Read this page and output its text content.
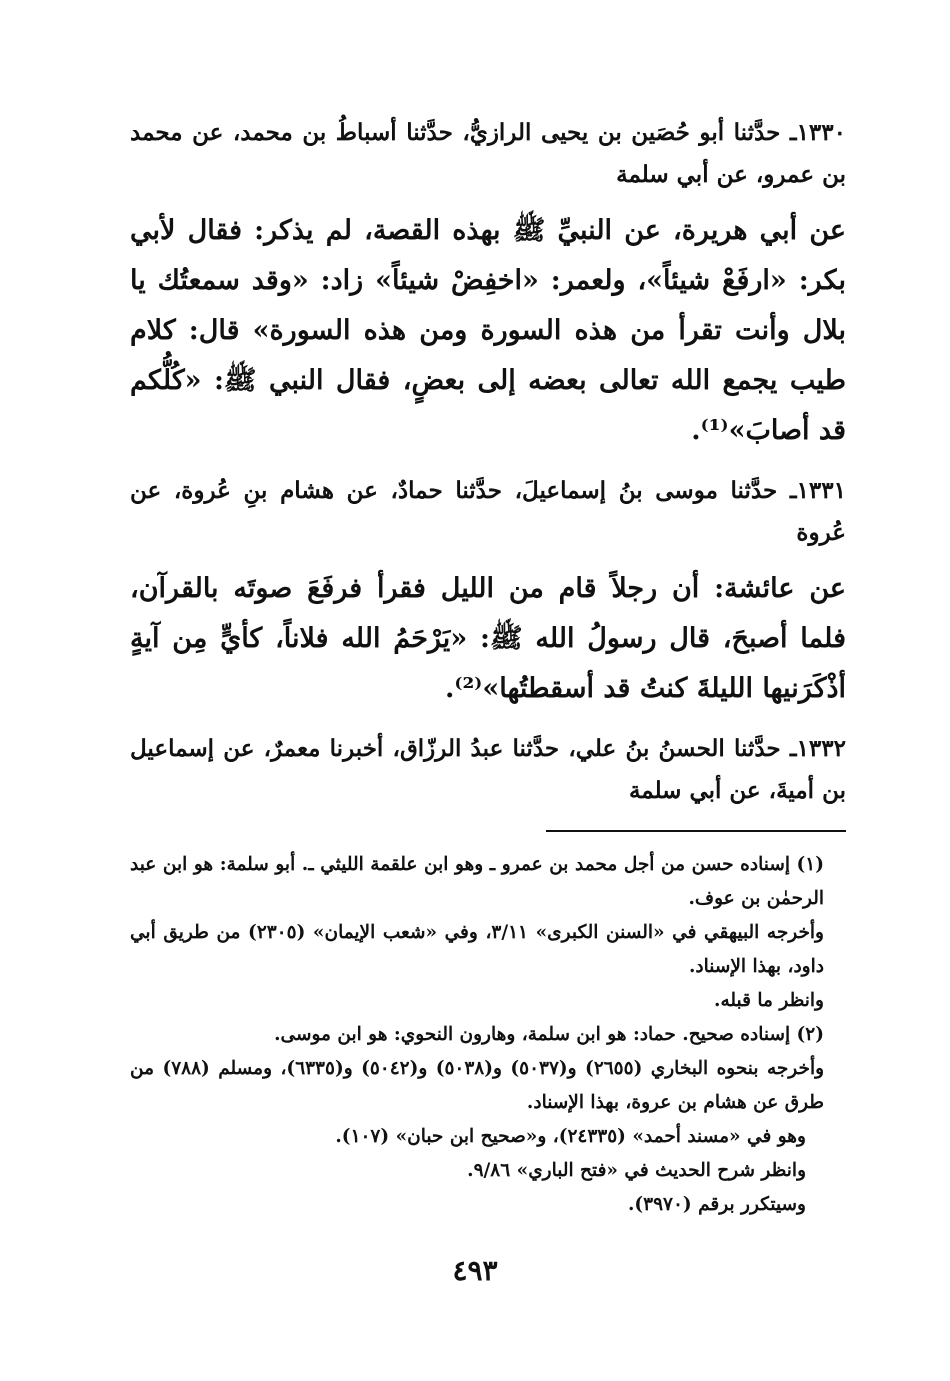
١٣٣٠ـ حدَّثنا أبو حُصَين بن يحيى الرازيُّ، حدَّثنا أسباطُ بن محمد، عن محمد بن عمرو، عن أبي سلمة

عن أبي هريرة، عن النبيِّ ﷺ بهذه القصة، لم يذكر: فقال لأبي بكر: «ارفَعْ شيئاً»، ولعمر: «اخفِضْ شيئاً» زاد: «وقد سمعتُك يا بلال وأنت تقرأ من هذه السورة ومن هذه السورة» قال: كلام طيب يجمع الله تعالى بعضه إلى بعضٍ، فقال النبي ﷺ: «كُلُّكم قد أصابَ»⁽¹⁾.

١٣٣١ـ حدَّثنا موسى بنُ إسماعيلَ، حدَّثنا حمادٌ، عن هشام بنِ عُروة، عن عُروة

عن عائشة: أن رجلاً قام من الليل فقرأ فرفَعَ صوتَه بالقرآن، فلما أصبحَ، قال رسولُ الله ﷺ: «يَرْحَمُ الله فلاناً، كأيٍّ مِن آيةٍ أذْكَرَنيها الليلةَ كنتُ قد أسقطتُها»⁽²⁾.

١٣٣٢ـ حدَّثنا الحسنُ بنُ علي، حدَّثنا عبدُ الرزّاق، أخبرنا معمرٌ، عن إسماعيل بن أميةَ، عن أبي سلمة

(١) إسناده حسن من أجل محمد بن عمرو ـ وهو ابن علقمة الليثي ـ. أبو سلمة: هو ابن عبد الرحمٰن بن عوف.

وأخرجه البيهقي في «السنن الكبرى» ٣/١١، وفي «شعب الإيمان» (٢٣٠٥) من طريق أبي داود، بهذا الإسناد.

وانظر ما قبله.

(٢) إسناده صحيح. حماد: هو ابن سلمة، وهارون النحوي: هو ابن موسى.

وأخرجه بنحوه البخاري (٢٦٥٥) و(٥٠٣٧) و(٥٠٣٨) و(٥٠٤٢) و(٦٣٣٥)، ومسلم (٧٨٨) من طرق عن هشام بن عروة، بهذا الإسناد.

وهو في «مسند أحمد» (٢٤٣٣٥)، و«صحيح ابن حبان» (١٠٧).

وانظر شرح الحديث في «فتح الباري» ٩/٨٦.

وسيتكرر برقم (٣٩٧٠).

٤٩٣
